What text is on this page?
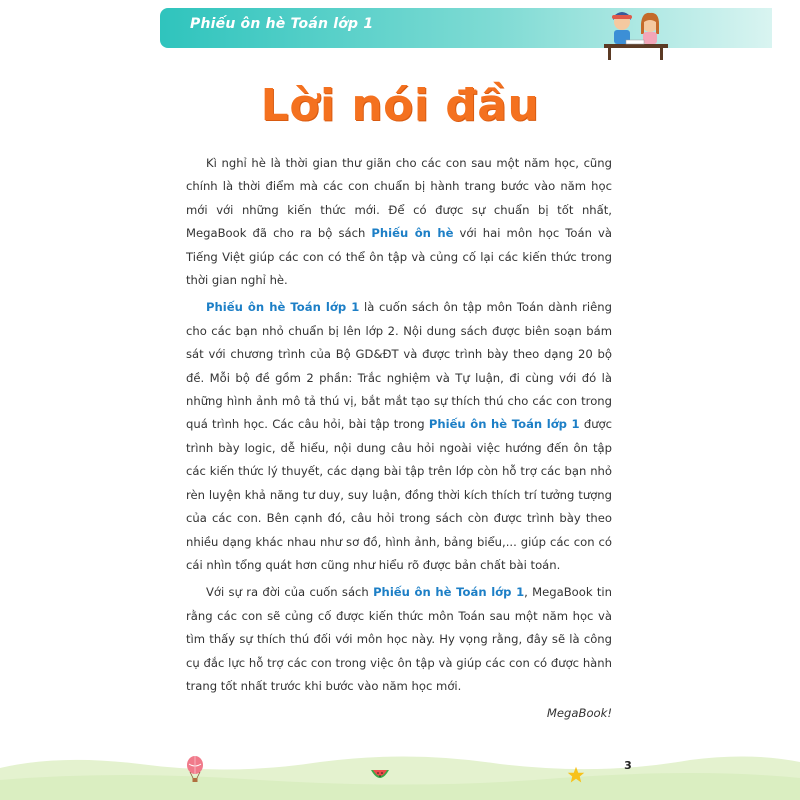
Phiếu ôn hè Toán lớp 1
Lời nói đầu

Kì nghỉ hè là thời gian thư giãn cho các con sau một năm học, cũng chính là thời điểm mà các con chuẩn bị hành trang bước vào năm học mới với những kiến thức mới. Để có được sự chuẩn bị tốt nhất, MegaBook đã cho ra bộ sách Phiếu ôn hè với hai môn học Toán và Tiếng Việt giúp các con có thể ôn tập và củng cố lại các kiến thức trong thời gian nghỉ hè.

Phiếu ôn hè Toán lớp 1 là cuốn sách ôn tập môn Toán dành riêng cho các bạn nhỏ chuẩn bị lên lớp 2. Nội dung sách được biên soạn bám sát với chương trình của Bộ GD&ĐT và được trình bày theo dạng 20 bộ đề. Mỗi bộ đề gồm 2 phần: Trắc nghiệm và Tự luận, đi cùng với đó là những hình ảnh mô tả thú vị, bắt mắt tạo sự thích thú cho các con trong quá trình học. Các câu hỏi, bài tập trong Phiếu ôn hè Toán lớp 1 được trình bày logic, dễ hiểu, nội dung câu hỏi ngoài việc hướng đến ôn tập các kiến thức lý thuyết, các dạng bài tập trên lớp còn hỗ trợ các bạn nhỏ rèn luyện khả năng tư duy, suy luận, đồng thời kích thích trí tưởng tượng của các con. Bên cạnh đó, câu hỏi trong sách còn được trình bày theo nhiều dạng khác nhau như sơ đồ, hình ảnh, bảng biểu,... giúp các con có cái nhìn tổng quát hơn cũng như hiểu rõ được bản chất bài toán.

Với sự ra đời của cuốn sách Phiếu ôn hè Toán lớp 1, MegaBook tin rằng các con sẽ củng cố được kiến thức môn Toán sau một năm học và tìm thấy sự thích thú đối với môn học này. Hy vọng rằng, đây sẽ là công cụ đắc lực hỗ trợ các con trong việc ôn tập và giúp các con có được hành trang tốt nhất trước khi bước vào năm học mới.

MegaBook!

3
